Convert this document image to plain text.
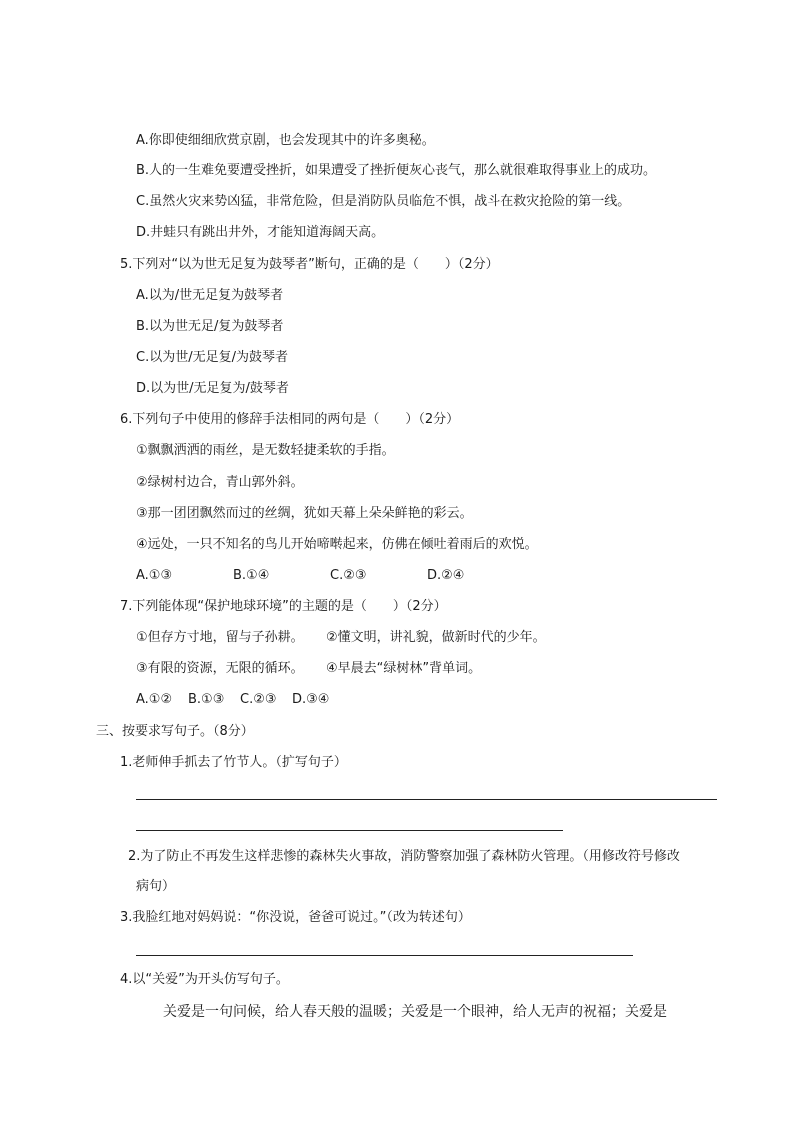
A.你即使细细欣赏京剧，也会发现其中的许多奥秘。
B.人的一生难免要遭受挫折，如果遭受了挫折便灰心丧气，那么就很难取得事业上的成功。
C.虽然火灾来势凶猛，非常危险，但是消防队员临危不惧，战斗在救灾抢险的第一线。
D.井蛙只有跳出井外，才能知道海阔天高。
5.下列对“以为世无足复为鼓琴者”断句，正确的是（　　）（2分）
A.以为/世无足复为鼓琴者
B.以为世无足/复为鼓琴者
C.以为世/无足复/为鼓琴者
D.以为世/无足复为/鼓琴者
6.下列句子中使用的修辞手法相同的两句是（　　）（2分）
①飘飘洒洒的雨丝，是无数轻捷柔软的手指。
②绿树村边合，青山郭外斜。
③那一团团飘然而过的丝绸，犹如天幕上朵朵鲜艳的彩云。
④远处，一只不知名的鸟儿开始啼啭起来，仿佛在倾吐着雨后的欢悦。
A.①③	B.①④	C.②③	D.②④
7.下列能体现“保护地球环境”的主题的是（　　）（2分）
①但存方寸地，留与子孙耕。 ②懂文明，讲礼貌，做新时代的少年。
③有限的资源，无限的循环。 ④早晨去“绿树林”背单词。
A.①② B.①③ C.②③ D.③④
三、按要求写句子。（8分）
1.老师伸手抓去了竹节人。（扩写句子）
2.为了防止不再发生这样悲惨的森林失火事故，消防警察加强了森林防火管理。（用修改符号修改
病句）
3.我脸红地对妈妈说：“你没说，爸爸可说过。”（改为转述句）
4.以“关爱”为开头仿写句子。
关爱是一句问候，给人春天般的温暖；关爱是一个眼神，给人无声的祝福；关爱是
